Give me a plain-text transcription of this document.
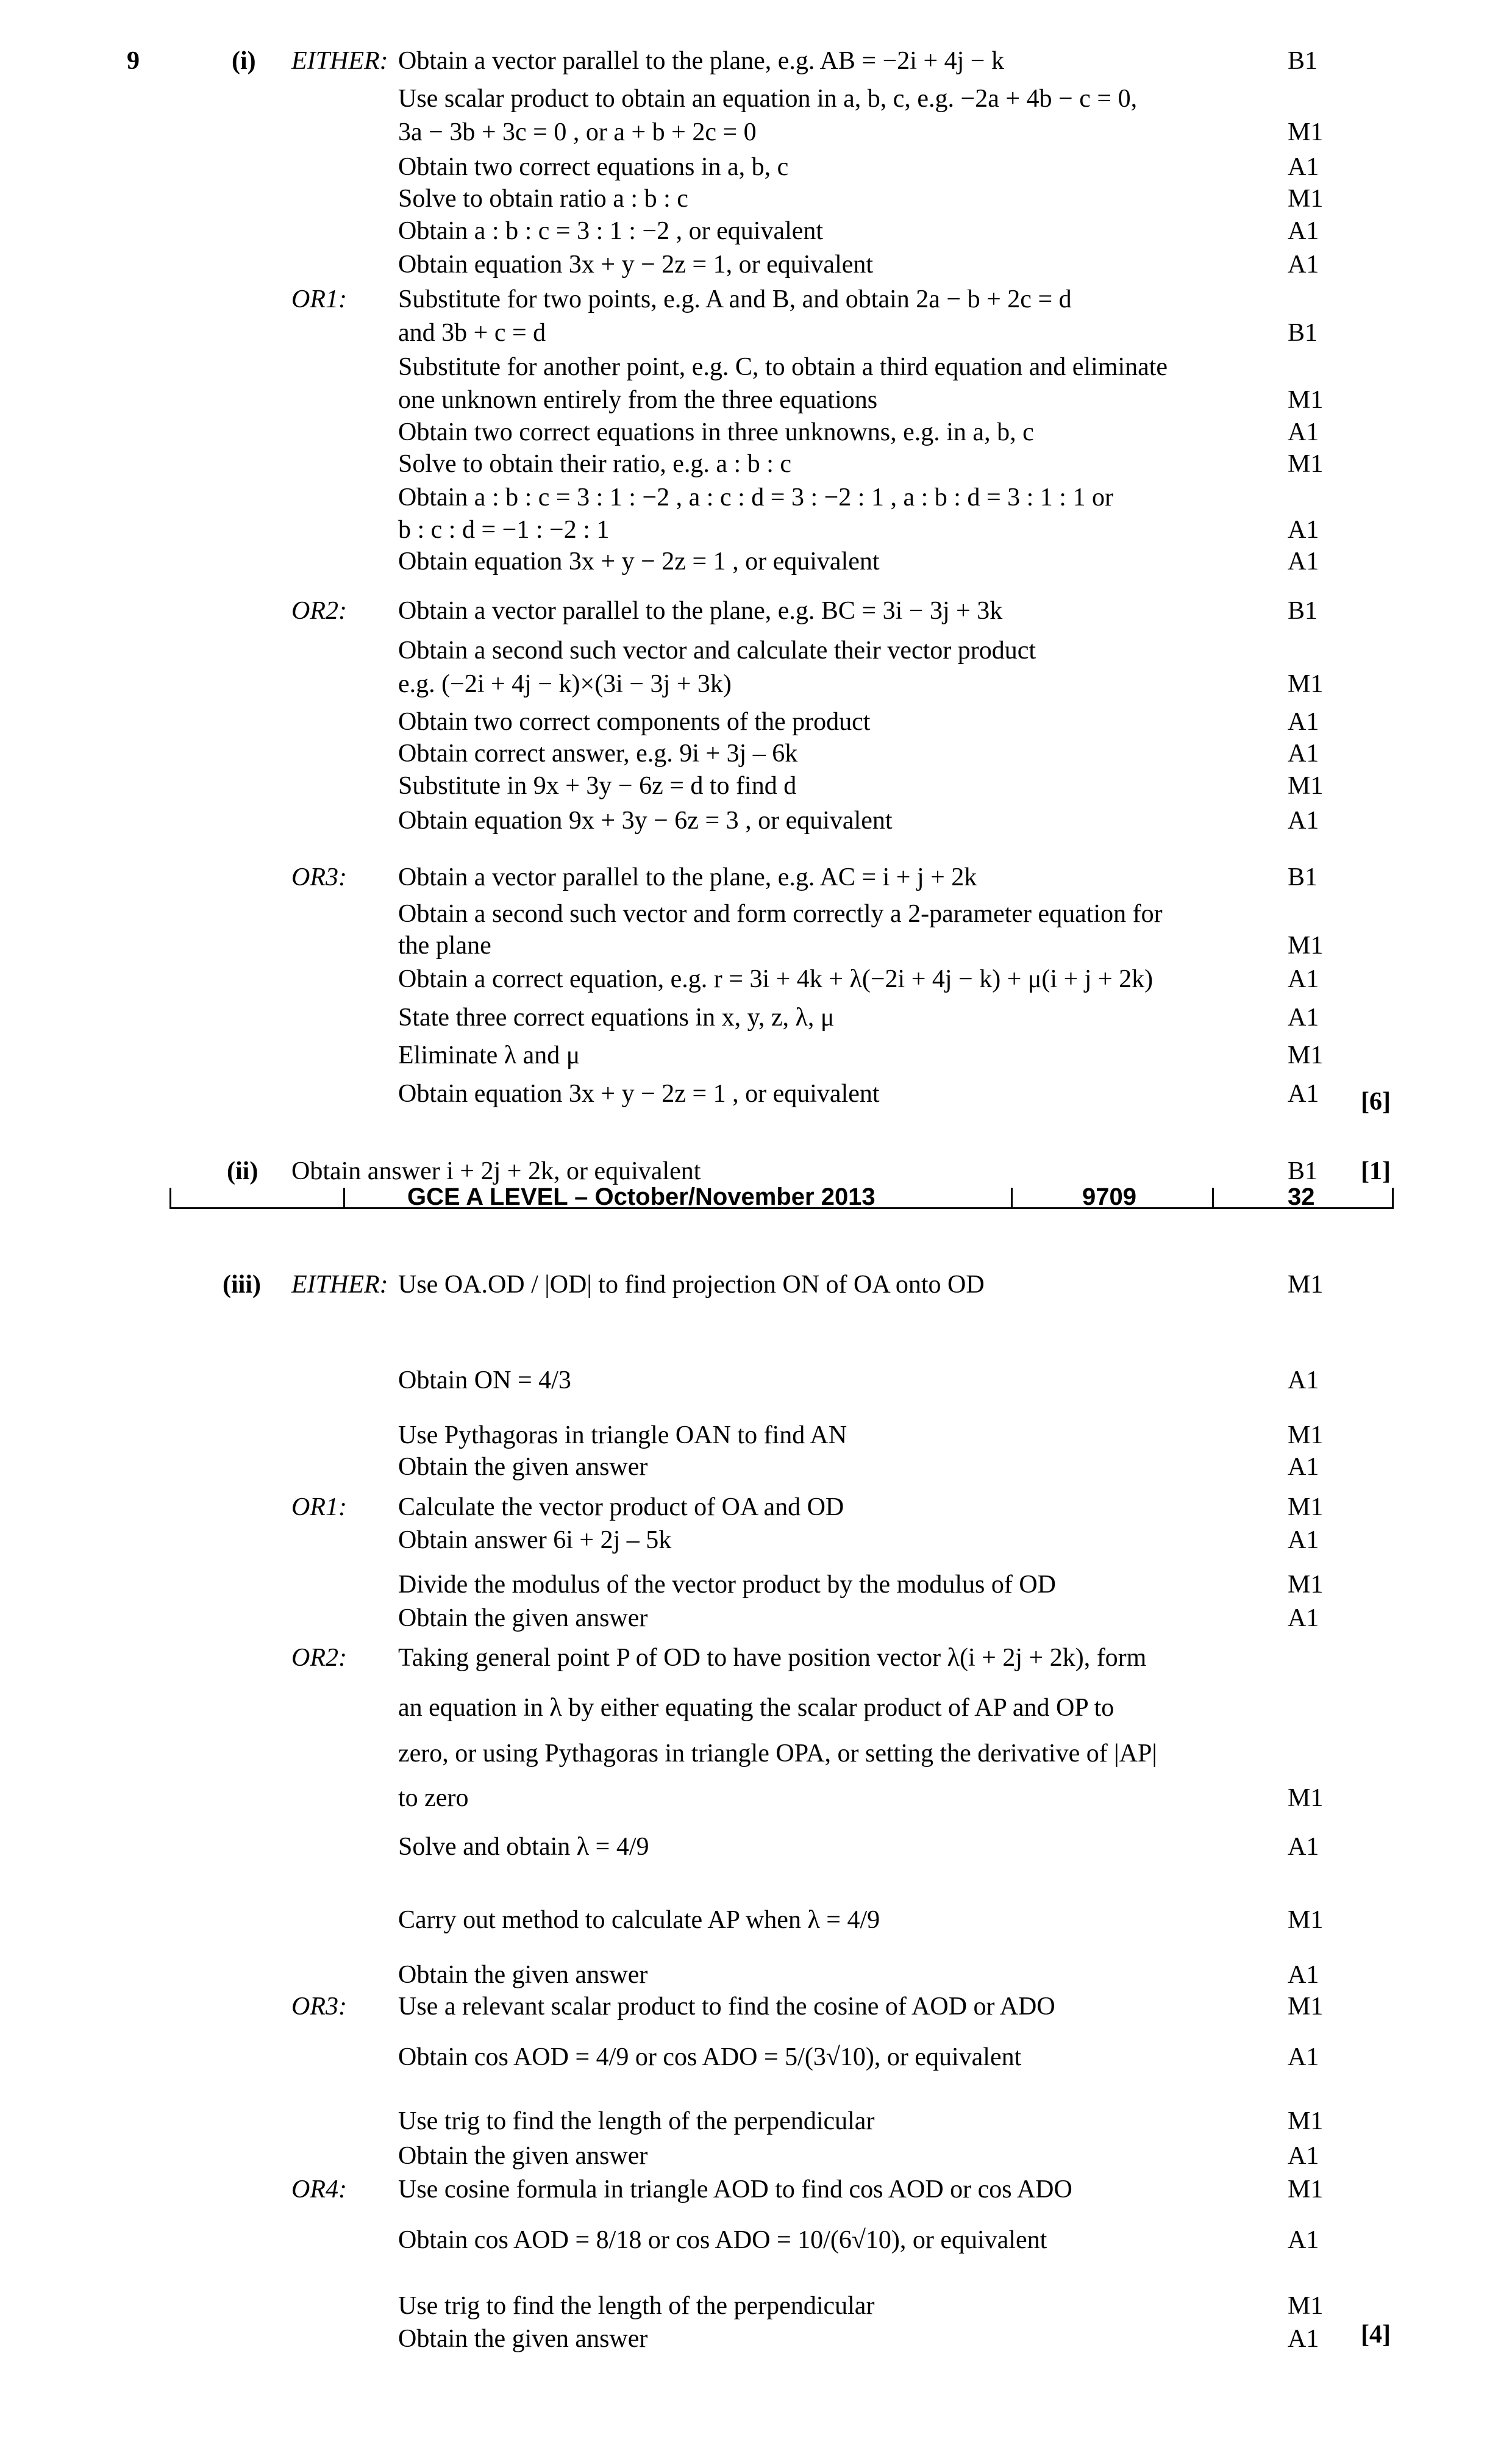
9	(i) EITHER: Obtain a vector parallel to the plane, e.g. AB = −2i + 4j − k	B1
Use scalar product to obtain an equation in a, b, c, e.g. −2a + 4b − c = 0,
3a − 3b + 3c = 0 , or a + b + 2c = 0	M1
Obtain two correct equations in a, b, c	A1
Solve to obtain ratio a : b : c	M1
Obtain a : b : c = 3 : 1 : −2 , or equivalent	A1
Obtain equation 3x + y − 2z = 1, or equivalent	A1
OR1: Substitute for two points, e.g. A and B, and obtain 2a − b + 2c = d
and 3b + c = d	B1
Substitute for another point, e.g. C, to obtain a third equation and eliminate
one unknown entirely from the three equations	M1
Obtain two correct equations in three unknowns, e.g. in a, b, c	A1
Solve to obtain their ratio, e.g. a : b : c	M1
Obtain a : b : c = 3 : 1 : −2 , a : c : d = 3 : −2 : 1 , a : b : d = 3 : 1 : 1 or
b : c : d = −1 : −2 : 1	A1
Obtain equation 3x + y − 2z = 1 , or equivalent	A1
OR2: Obtain a vector parallel to the plane, e.g. BC = 3i − 3j + 3k	B1
Obtain a second such vector and calculate their vector product
e.g. (−2i + 4j − k)×(3i − 3j + 3k)	M1
Obtain two correct components of the product	A1
Obtain correct answer, e.g. 9i + 3j – 6k	A1
Substitute in 9x + 3y − 6z = d to find d	M1
Obtain equation 9x + 3y − 6z = 3 , or equivalent	A1
OR3: Obtain a vector parallel to the plane, e.g. AC = i + j + 2k	B1
Obtain a second such vector and form correctly a 2-parameter equation for
the plane	M1
Obtain a correct equation, e.g. r = 3i + 4k + λ(−2i + 4j − k) + μ(i + j + 2k)	A1
State three correct equations in x, y, z, λ, μ	A1
Eliminate λ and μ	M1
Obtain equation 3x + y − 2z = 1 , or equivalent	A1 [6]
(ii) Obtain answer i + 2j + 2k, or equivalent	B1 [1]
GCE A LEVEL – October/November 2013	9709	32
(iii) EITHER: Use OA.OD / |OD| to find projection ON of OA onto OD	M1
Obtain ON = 4/3	A1
Use Pythagoras in triangle OAN to find AN	M1
Obtain the given answer	A1
OR1: Calculate the vector product of OA and OD	M1
Obtain answer 6i + 2j – 5k	A1
Divide the modulus of the vector product by the modulus of OD	M1
Obtain the given answer	A1
OR2: Taking general point P of OD to have position vector λ(i + 2j + 2k), form
an equation in λ by either equating the scalar product of AP and OP to
zero, or using Pythagoras in triangle OPA, or setting the derivative of |AP|
to zero	M1
Solve and obtain λ = 4/9	A1
Carry out method to calculate AP when λ = 4/9	M1
Obtain the given answer	A1
OR3: Use a relevant scalar product to find the cosine of AOD or ADO	M1
Obtain cos AOD = 4/9 or cos ADO = 5/(3√10), or equivalent	A1
Use trig to find the length of the perpendicular	M1
Obtain the given answer	A1
OR4: Use cosine formula in triangle AOD to find cos AOD or cos ADO	M1
Obtain cos AOD = 8/18 or cos ADO = 10/(6√10), or equivalent	A1
Use trig to find the length of the perpendicular	M1
Obtain the given answer	A1 [4]
